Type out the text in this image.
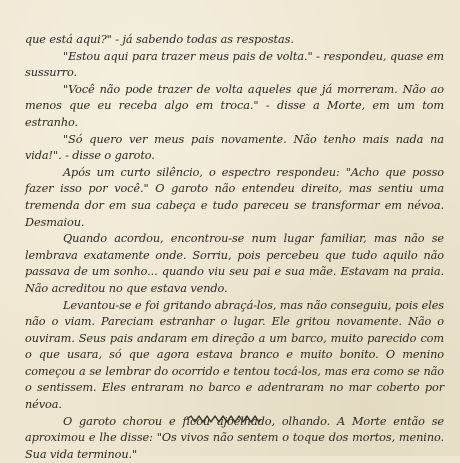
que está aqui?" - já sabendo todas as respostas.

"Estou aqui para trazer meus pais de volta." - respondeu, quase em sussurro.

"Você não pode trazer de volta aqueles que já morreram. Não ao menos que eu receba algo em troca." - disse a Morte, em um tom estranho.

"Só quero ver meus pais novamente. Não tenho mais nada na vida!". - disse o garoto.

Após um curto silêncio, o espectro respondeu: "Acho que posso fazer isso por você." O garoto não entendeu direito, mas sentiu uma tremenda dor em sua cabeça e tudo pareceu se transformar em névoa. Desmaiou.

Quando acordou, encontrou-se num lugar familiar, mas não se lembrava exatamente onde. Sorriu, pois percebeu que tudo aquilo não passava de um sonho... quando viu seu pai e sua mãe. Estavam na praia. Não acreditou no que estava vendo.

Levantou-se e foi gritando abraçá-los, mas não conseguiu, pois eles não o viam. Pareciam estranhar o lugar. Ele gritou novamente. Não o ouviram. Seus pais andaram em direção a um barco, muito parecido com o que usara, só que agora estava branco e muito bonito. O menino começou a se lembrar do ocorrido e tentou tocá-los, mas era como se não o sentissem. Eles entraram no barco e adentraram no mar coberto por névoa.

O garoto chorou e ficou ajoelhado, olhando. A Morte então se aproximou e lhe disse: "Os vivos não sentem o toque dos mortos, menino. Sua vida terminou."
